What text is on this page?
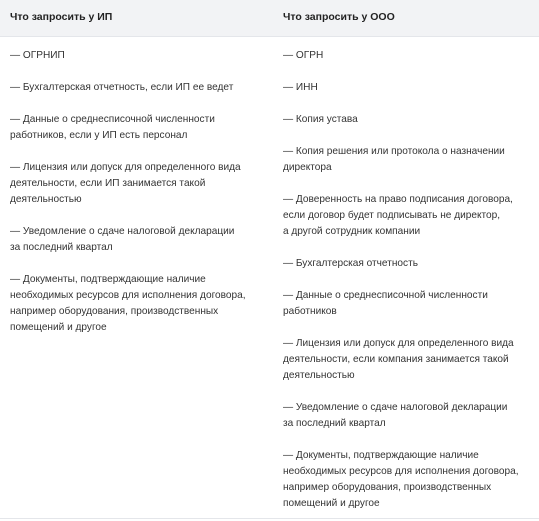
Что запросить у ИП	Что запросить у ООО
— ОГРНИП
— Бухгалтерская отчетность, если ИП ее ведет
— Данные о среднесписочной численности
работников, если у ИП есть персонал
— Лицензия или допуск для определенного вида
деятельности, если ИП занимается такой
деятельностью
— Уведомление о сдаче налоговой декларации
за последний квартал
— Документы, подтверждающие наличие
необходимых ресурсов для исполнения договора,
например оборудования, производственных
помещений и другое
— ОГРН
— ИНН
— Копия устава
— Копия решения или протокола о назначении
директора
— Доверенность на право подписания договора,
если договор будет подписывать не директор,
а другой сотрудник компании
— Бухгалтерская отчетность
— Данные о среднесписочной численности
работников
— Лицензия или допуск для определенного вида
деятельности, если компания занимается такой
деятельностью
— Уведомление о сдаче налоговой декларации
за последний квартал
— Документы, подтверждающие наличие
необходимых ресурсов для исполнения договора,
например оборудования, производственных
помещений и другое
